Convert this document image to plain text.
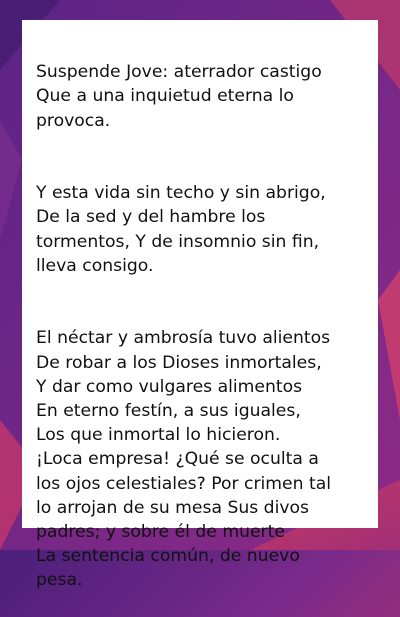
Suspende Jove: aterrador castigo
Que a una inquietud eterna lo
provoca.

Y esta vida sin techo y sin abrigo,
De la sed y del hambre los
tormentos, Y de insomnio sin fin,
lleva consigo.

El néctar y ambrosía tuvo alientos
De robar a los Dioses inmortales,
Y dar como vulgares alimentos
En eterno festín, a sus iguales,
Los que inmortal lo hicieron.
¡Loca empresa! ¿Qué se oculta a
los ojos celestiales? Por crimen tal
lo arrojan de su mesa Sus divos
padres; y sobre él de muerte
La sentencia común, de nuevo
pesa.
